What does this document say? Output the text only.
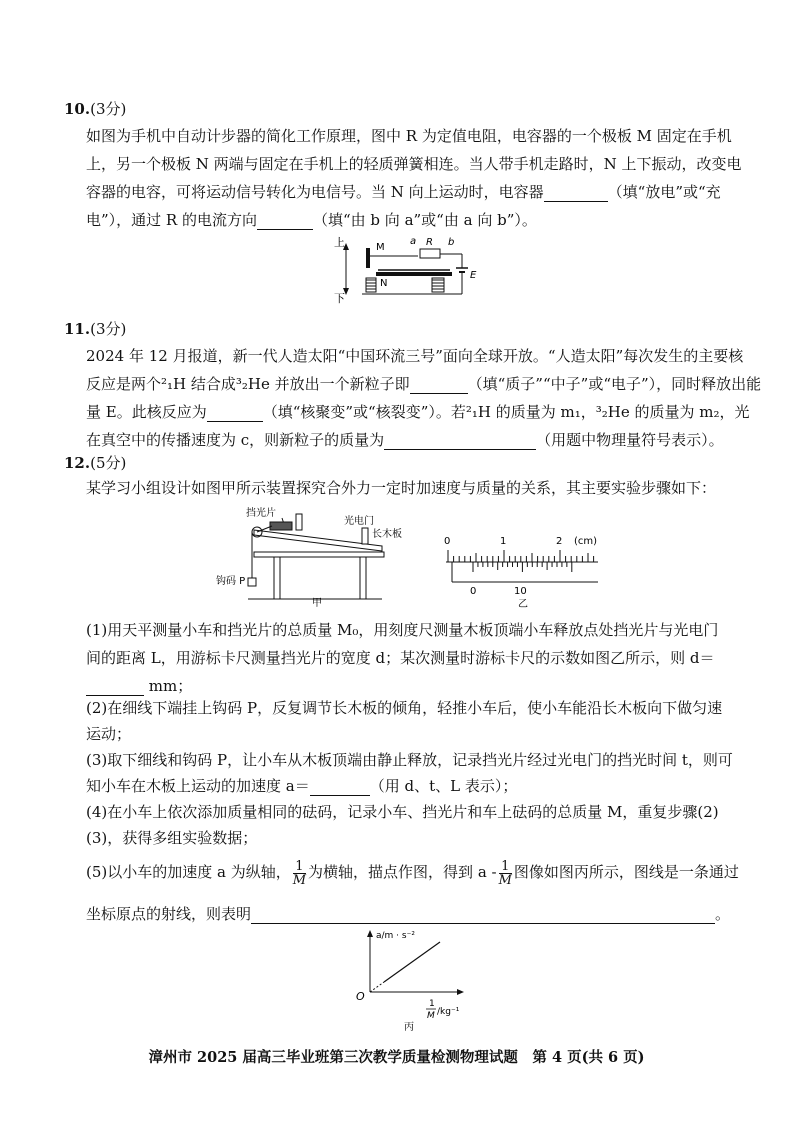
10.(3分)
如图为手机中自动计步器的简化工作原理，图中 R 为定值电阻，电容器的一个极板 M 固定在手机
上，另一个极板 N 两端与固定在手机上的轻质弹簧相连。当人带手机走路时，N 上下振动，改变电
容器的电容，可将运动信号转化为电信号。当 N 向上运动时，电容器	（填“放电”或“充
电”），通过 R 的电流方向	（填“由 b 向 a”或“由 a 向 b”）。
上
下
M
a R b
E
N
11.(3分)
2024 年 12 月报道，新一代人造太阳“中国环流三号”面向全球开放。“人造太阳”每次发生的主要核
反应是两个²₁H 结合成³₂He 并放出一个新粒子即	（填“质子”“中子”或“电子”），同时释放出能
量 E。此核反应为	（填“核聚变”或“核裂变”）。若²₁H 的质量为 m₁，³₂He 的质量为 m₂，光
在真空中的传播速度为 c，则新粒子的质量为	（用题中物理量符号表示）。
12.(5分)
某学习小组设计如图甲所示装置探究合外力一定时加速度与质量的关系，其主要实验步骤如下：
挡光片
光电门
长木板
钩码 P
甲
0	1	2 (cm)
0	10
乙
(1)用天平测量小车和挡光片的总质量 M₀，用刻度尺测量木板顶端小车释放点处挡光片与光电门
间的距离 L，用游标卡尺测量挡光片的宽度 d；某次测量时游标卡尺的示数如图乙所示，则 d＝
mm；
(2)在细线下端挂上钩码 P，反复调节长木板的倾角，轻推小车后，使小车能沿长木板向下做匀速
运动；
(3)取下细线和钩码 P，让小车从木板顶端由静止释放，记录挡光片经过光电门的挡光时间 t，则可
知小车在木板上运动的加速度 a＝	（用 d、t、L 表示）；
(4)在小车上依次添加质量相同的砝码，记录小车、挡光片和车上砝码的总质量 M，重复步骤(2)
(3)，获得多组实验数据；
(5)以小车的加速度 a 为纵轴， $\frac{1}{M}$ 为横轴，描点作图，得到 a - $\frac{1}{M}$ 图像如图丙所示，图线是一条通过
坐标原点的射线，则表明	。
a/m · s⁻²
O
1
M /kg⁻¹
丙
漳州市 2025 届高三毕业班第三次教学质量检测物理试题　第 4 页(共 6 页)
